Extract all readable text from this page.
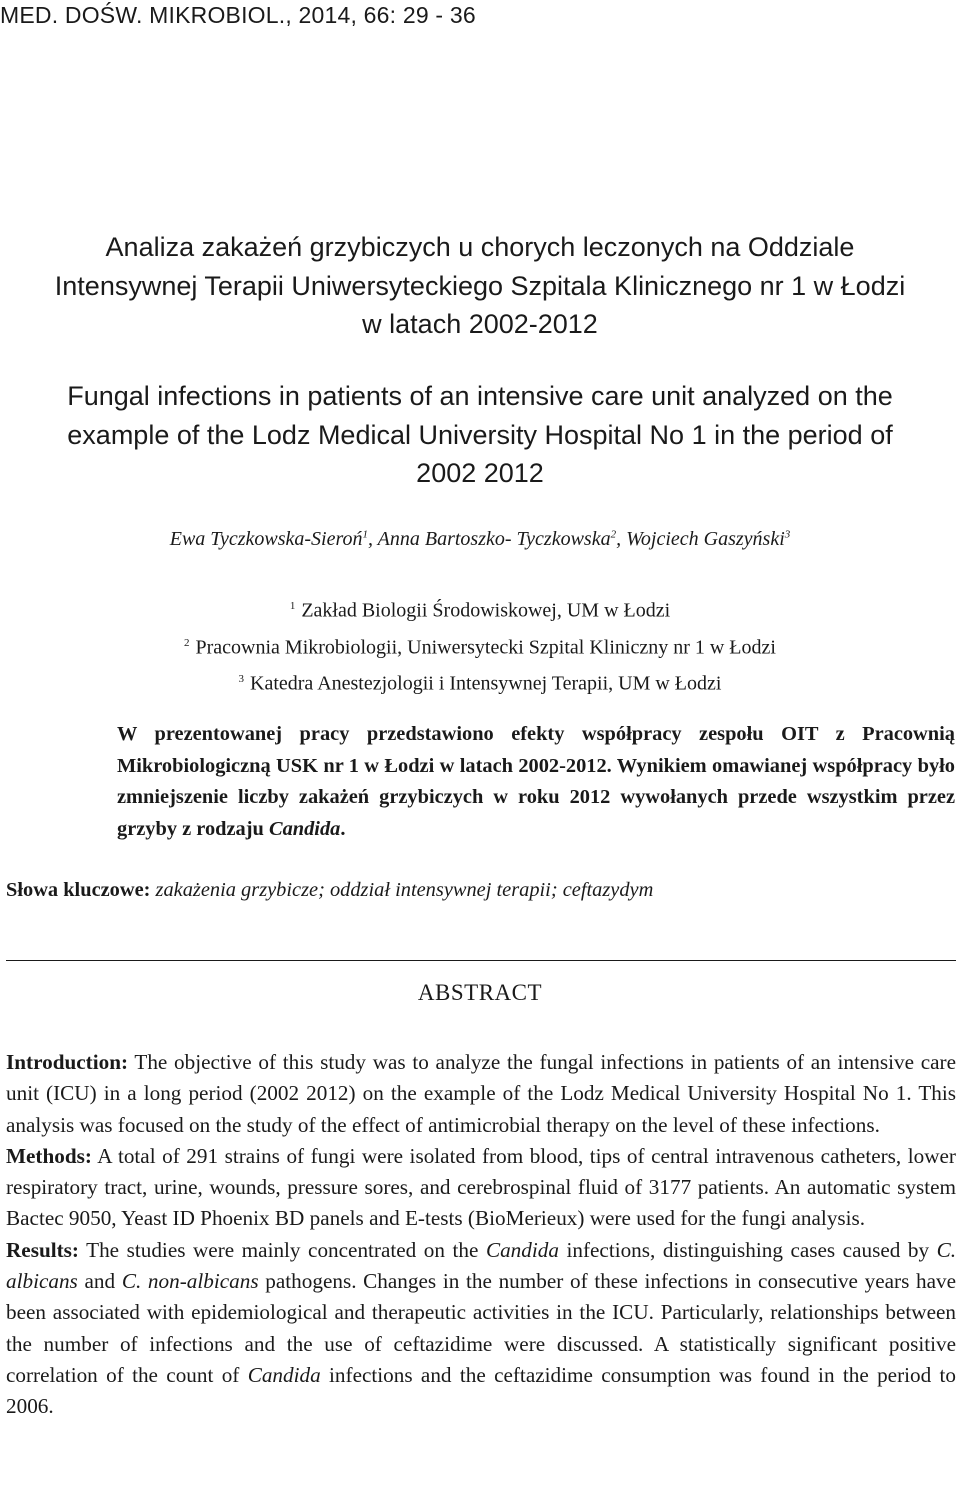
MED. DOŚW. MIKROBIOL., 2014, 66: 29 - 36
Analiza zakażeń grzybiczych u chorych leczonych na Oddziale
Intensywnej Terapii Uniwersyteckiego Szpitala Klinicznego nr 1 w Łodzi
w latach 2002-2012
Fungal infections in patients of an intensive care unit analyzed on the
example of the Lodz Medical University Hospital No 1 in the period of
2002 2012
Ewa Tyczkowska-Sieroń$^1$, Anna Bartoszko- Tyczkowska$^2$, Wojciech Gaszyński$^3$
$^1$ Zakład Biologii Środowiskowej, UM w Łodzi
$^2$ Pracownia Mikrobiologii, Uniwersytecki Szpital Kliniczny nr 1 w Łodzi
$^3$ Katedra Anestezjologii i Intensywnej Terapii, UM w Łodzi

W prezentowanej pracy przedstawiono efekty współpracy zespołu OIT z Pracownią Mikrobiologiczną USK nr 1 w Łodzi w latach 2002-2012. Wynikiem omawianej współpracy było zmniejszenie liczby zakażeń grzybiczych w roku 2012 wywołanych przede wszystkim przez grzyby z rodzaju Candida.

Słowa kluczowe: zakażenia grzybicze; oddział intensywnej terapii; ceftazydym

ABSTRACT

Introduction: The objective of this study was to analyze the fungal infections in patients of an intensive care unit (ICU) in a long period (2002 2012) on the example of the Lodz Medical University Hospital No 1. This analysis was focused on the study of the effect of antimicrobial therapy on the level of these infections.

Methods: A total of 291 strains of fungi were isolated from blood, tips of central intravenous catheters, lower respiratory tract, urine, wounds, pressure sores, and cerebrospinal fluid of 3177 patients. An automatic system Bactec 9050, Yeast ID Phoenix BD panels and E-tests (BioMerieux) were used for the fungi analysis.

Results: The studies were mainly concentrated on the Candida infections, distinguishing cases caused by C. albicans and C. non-albicans pathogens. Changes in the number of these infections in consecutive years have been associated with epidemiological and therapeutic activities in the ICU. Particularly, relationships between the number of infections and the use of ceftazidime were discussed. A statistically significant positive correlation of the count of Candida infections and the ceftazidime consumption was found in the period to 2006.
